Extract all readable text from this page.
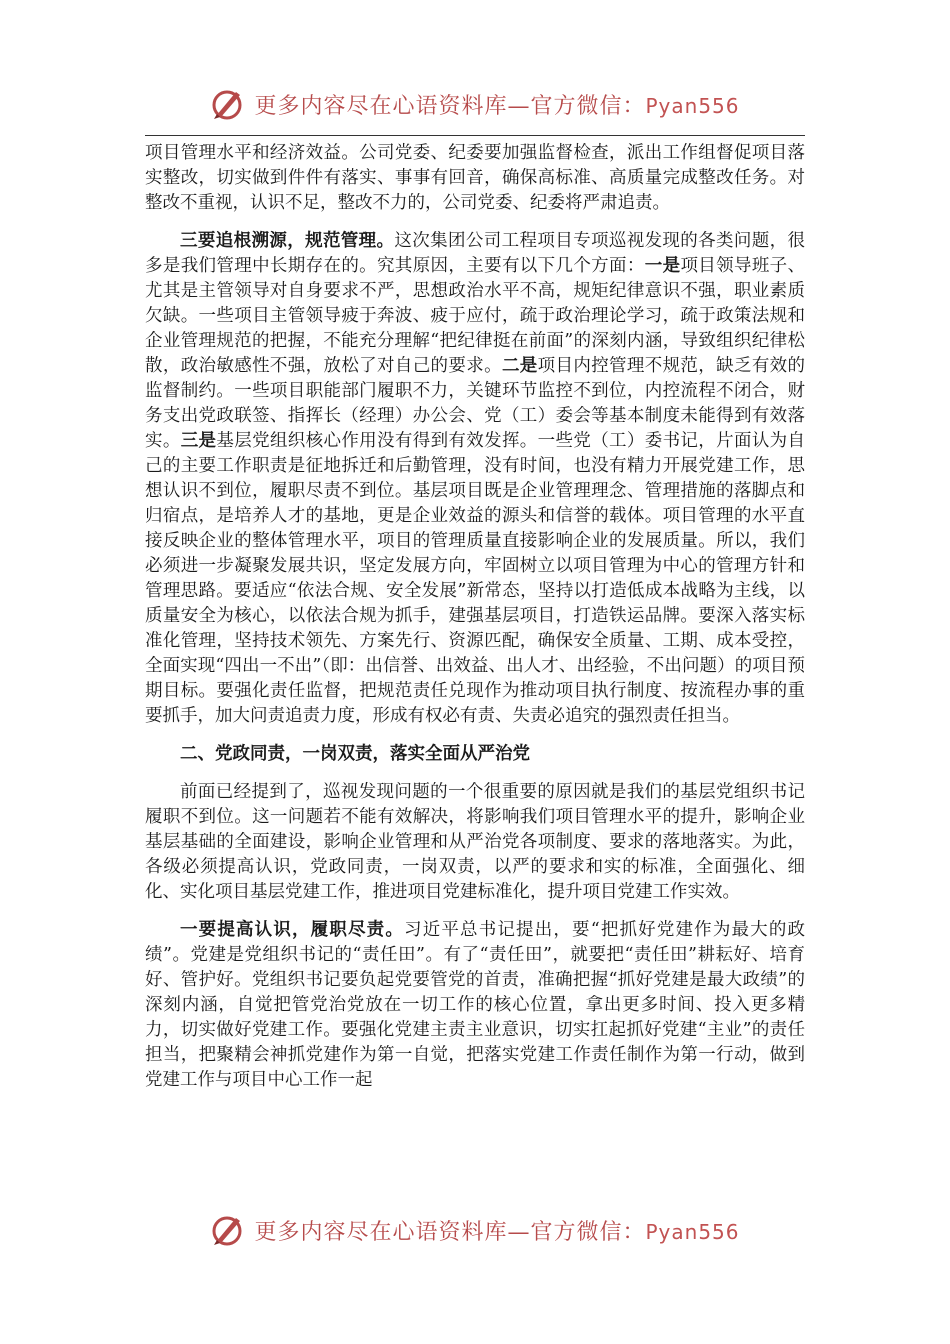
更多内容尽在心语资料库—官方微信：Pyan556

项目管理水平和经济效益。公司党委、纪委要加强监督检查，派出工作组督促项目落实整改，切实做到件件有落实、事事有回音，确保高标准、高质量完成整改任务。对整改不重视，认识不足，整改不力的，公司党委、纪委将严肃追责。

三要追根溯源，规范管理。这次集团公司工程项目专项巡视发现的各类问题，很多是我们管理中长期存在的。究其原因，主要有以下几个方面：一是项目领导班子、尤其是主管领导对自身要求不严，思想政治水平不高，规矩纪律意识不强，职业素质欠缺。一些项目主管领导疲于奔波、疲于应付，疏于政治理论学习，疏于政策法规和企业管理规范的把握，不能充分理解“把纪律挺在前面”的深刻内涵，导致组织纪律松散，政治敏感性不强，放松了对自己的要求。二是项目内控管理不规范，缺乏有效的监督制约。一些项目职能部门履职不力，关键环节监控不到位，内控流程不闭合，财务支出党政联签、指挥长（经理）办公会、党（工）委会等基本制度未能得到有效落实。三是基层党组织核心作用没有得到有效发挥。一些党（工）委书记，片面认为自己的主要工作职责是征地拆迁和后勤管理，没有时间，也没有精力开展党建工作，思想认识不到位，履职尽责不到位。基层项目既是企业管理理念、管理措施的落脚点和归宿点，是培养人才的基地，更是企业效益的源头和信誉的载体。项目管理的水平直接反映企业的整体管理水平，项目的管理质量直接影响企业的发展质量。所以，我们必须进一步凝聚发展共识，坚定发展方向，牢固树立以项目管理为中心的管理方针和管理思路。要适应“依法合规、安全发展”新常态，坚持以打造低成本战略为主线，以质量安全为核心，以依法合规为抓手，建强基层项目，打造铁运品牌。要深入落实标准化管理，坚持技术领先、方案先行、资源匹配，确保安全质量、工期、成本受控，全面实现“四出一不出”（即：出信誉、出效益、出人才、出经验，不出问题）的项目预期目标。要强化责任监督，把规范责任兑现作为推动项目执行制度、按流程办事的重要抓手，加大问责追责力度，形成有权必有责、失责必追究的强烈责任担当。

二、党政同责，一岗双责，落实全面从严治党

前面已经提到了，巡视发现问题的一个很重要的原因就是我们的基层党组织书记履职不到位。这一问题若不能有效解决，将影响我们项目管理水平的提升，影响企业基层基础的全面建设，影响企业管理和从严治党各项制度、要求的落地落实。为此，各级必须提高认识，党政同责，一岗双责，以严的要求和实的标准，全面强化、细化、实化项目基层党建工作，推进项目党建标准化，提升项目党建工作实效。

一要提高认识，履职尽责。习近平总书记提出，要“把抓好党建作为最大的政绩”。党建是党组织书记的“责任田”。有了“责任田”，就要把“责任田”耕耘好、培育好、管护好。党组织书记要负起党要管党的首责，准确把握“抓好党建是最大政绩”的深刻内涵，自觉把管党治党放在一切工作的核心位置，拿出更多时间、投入更多精力，切实做好党建工作。要强化党建主责主业意识，切实扛起抓好党建“主业”的责任担当，把聚精会神抓党建作为第一自觉，把落实党建工作责任制作为第一行动，做到党建工作与项目中心工作一起

更多内容尽在心语资料库—官方微信：Pyan556
